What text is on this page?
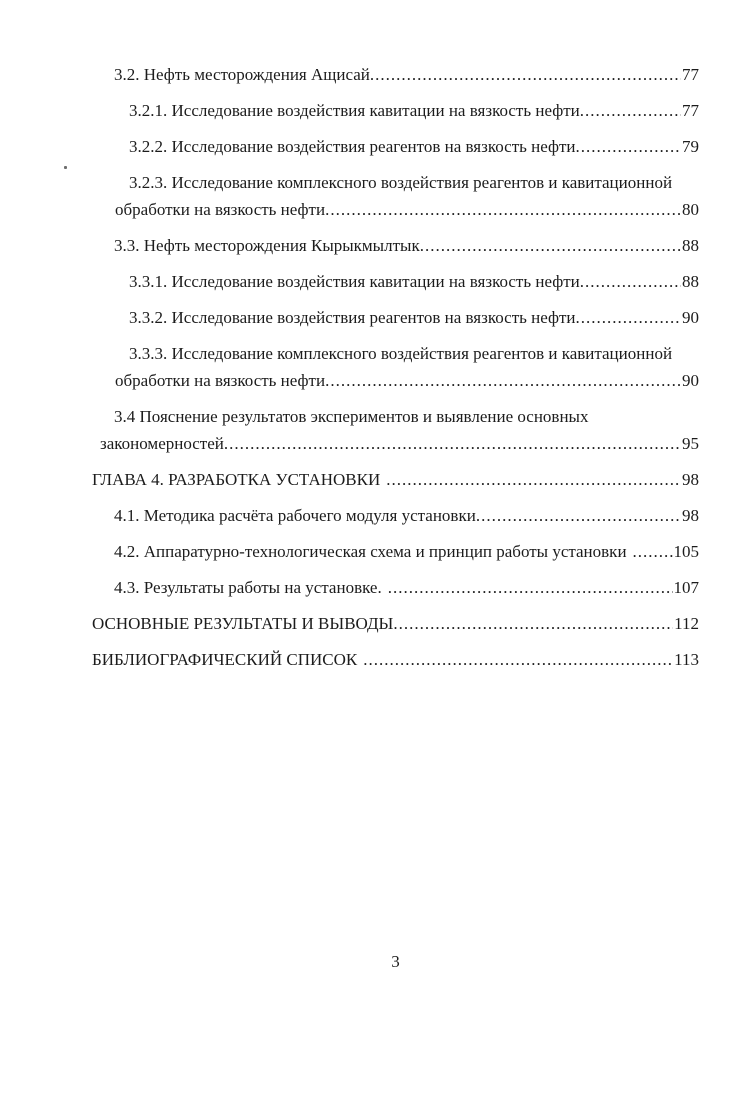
3.2. Нефть месторождения Ащисай .....	77
3.2.1. Исследование воздействия кавитации на вязкость нефти .....	77
3.2.2. Исследование воздействия реагентов на вязкость нефти .....	79
3.2.3. Исследование комплексного воздействия реагентов и кавитационной
обработки на вязкость нефти .....	80
3.3. Нефть месторождения Кырыкмылтык .....	88
3.3.1. Исследование воздействия кавитации на вязкость нефти .....	88
3.3.2. Исследование воздействия реагентов на вязкость нефти .....	90
3.3.3. Исследование комплексного воздействия реагентов и кавитационной
обработки на вязкость нефти .....	90
3.4 Пояснение результатов экспериментов и выявление основных
закономерностей .....	95
ГЛАВА 4. РАЗРАБОТКА УСТАНОВКИ .....	98
4.1. Методика расчёта рабочего модуля установки .....	98
4.2. Аппаратурно-технологическая схема и принцип работы установки .....	105
4.3. Результаты работы на установке. .....	107
ОСНОВНЫЕ РЕЗУЛЬТАТЫ И ВЫВОДЫ .....	112
БИБЛИОГРАФИЧЕСКИЙ СПИСОК .....	113
3
